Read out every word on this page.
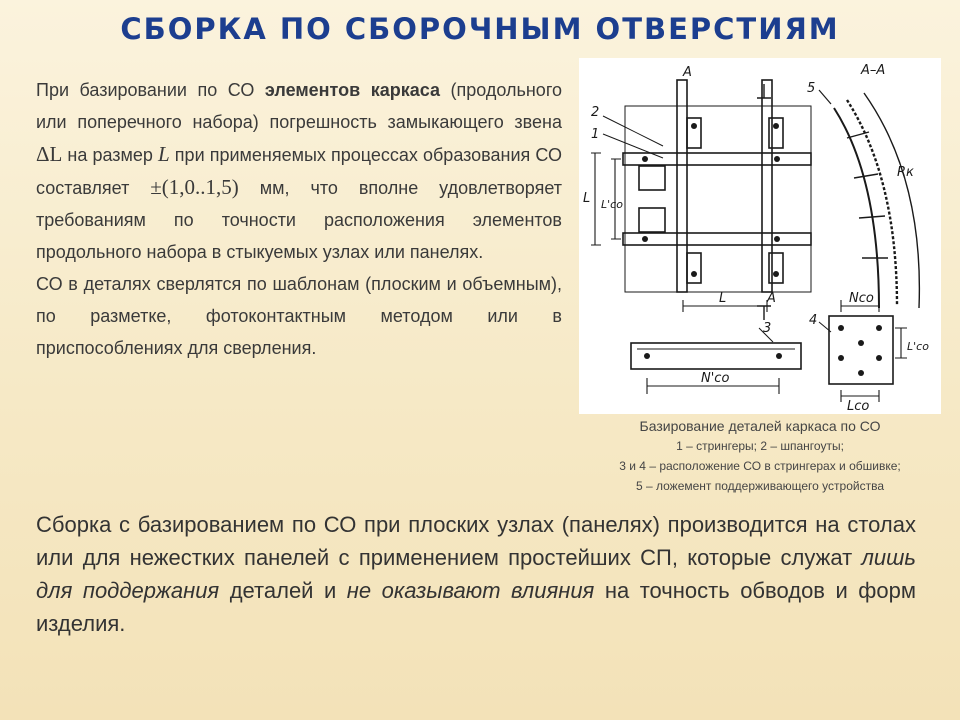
СБОРКА ПО СБОРОЧНЫМ ОТВЕРСТИЯМ

При базировании по СО элементов каркаса (продольного или поперечного набора) погрешность замыкающего звена ΔL на размер L при применяемых процессах образования СО составляет ±(1,0..1,5) мм, что вполне удовлетворяет требованиям по точности расположения элементов продольного набора в стыкуемых узлах или панелях.

СО в деталях сверлятся по шаблонам (плоским и объемным), по разметке, фотоконтактным методом или в приспособлениях для сверления.

А	А–А
5
2
1
L L'co
Rк
L	А
3
Nco
4
L'co
N'co
Lco
Базирование деталей каркаса по СО
1 – стрингеры; 2 – шпангоуты;
3 и 4 – расположение СО в стрингерах и обшивке;
5 – ложемент поддерживающего устройства
Сборка с базированием по СО при плоских узлах (панелях) производится на столах или для нежестких панелей с применением простейших СП, которые служат лишь для поддержания деталей и не оказывают влияния на точность обводов и форм изделия.
